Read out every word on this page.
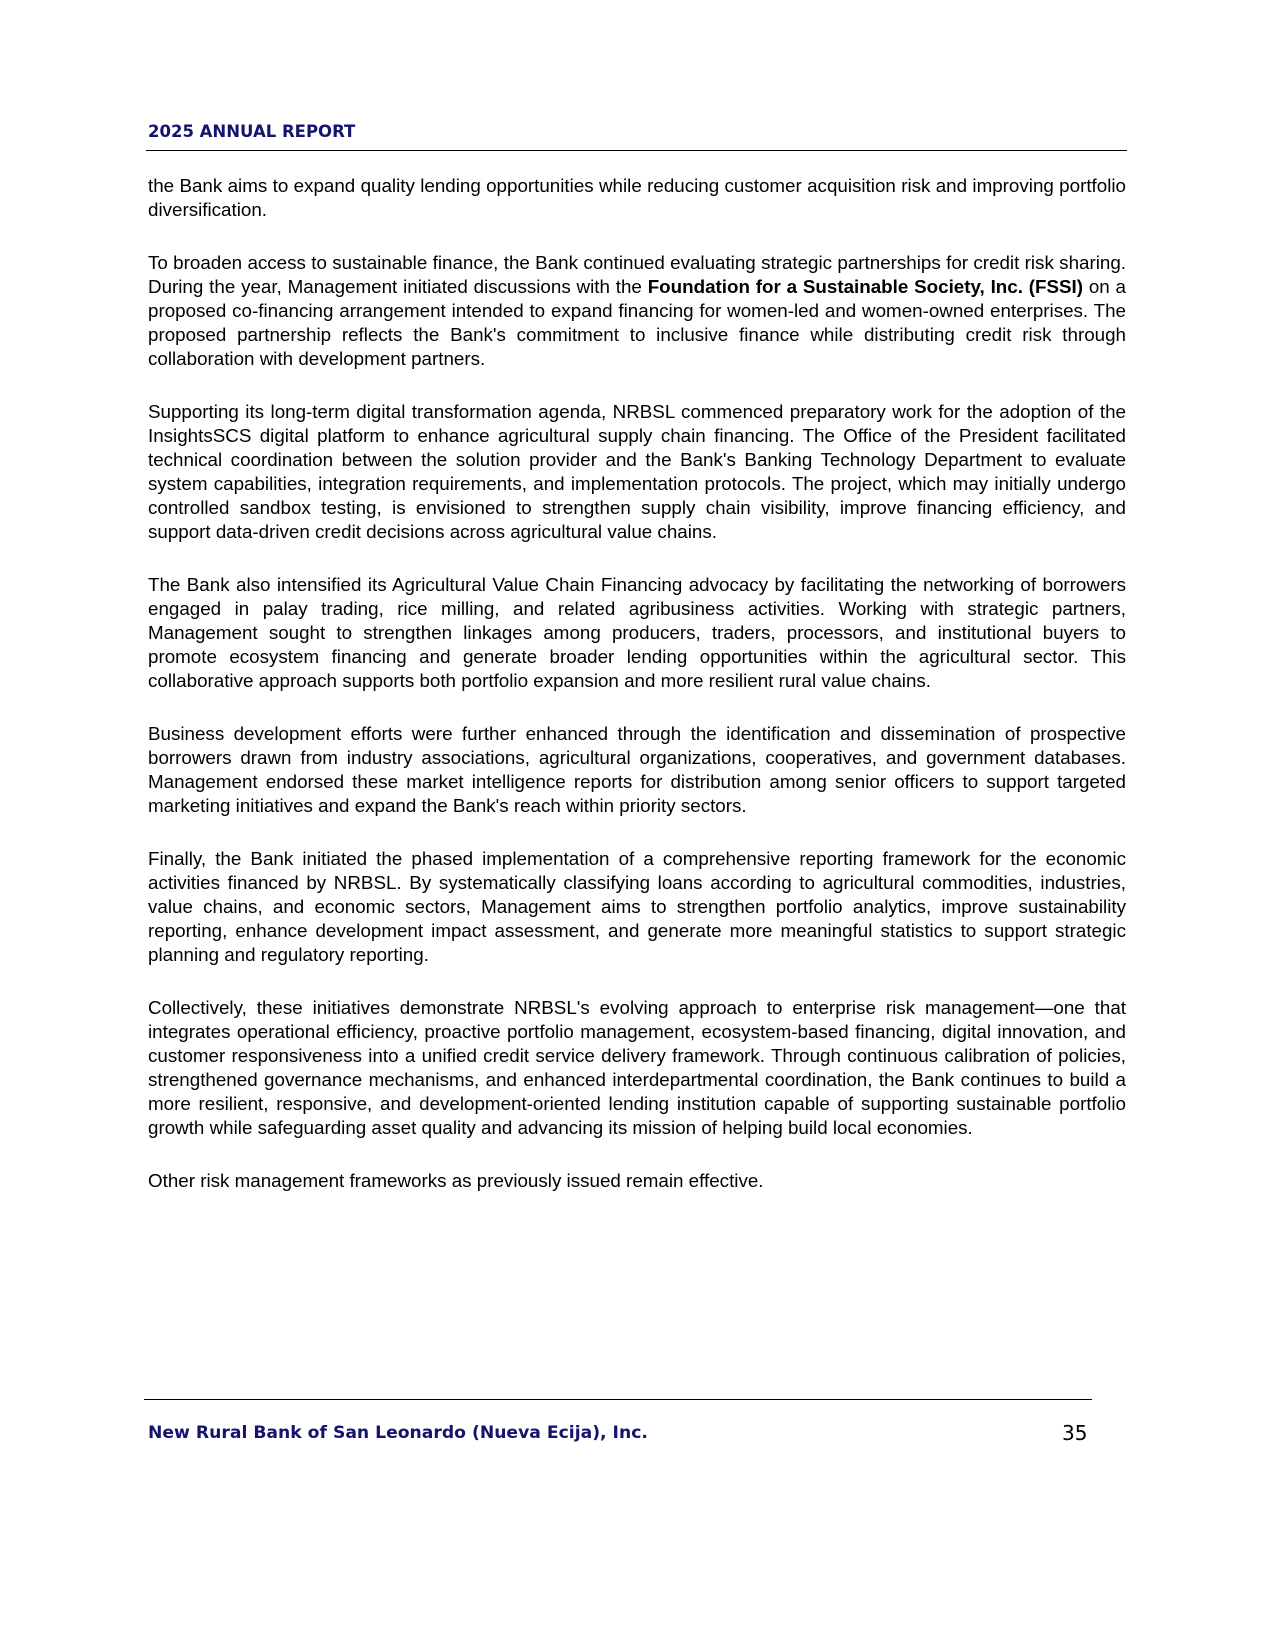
2025 ANNUAL REPORT

the Bank aims to expand quality lending opportunities while reducing customer acquisition risk and improving portfolio diversification.

To broaden access to sustainable finance, the Bank continued evaluating strategic partnerships for credit risk sharing. During the year, Management initiated discussions with the Foundation for a Sustainable Society, Inc. (FSSI) on a proposed co-financing arrangement intended to expand financing for women-led and women-owned enterprises. The proposed partnership reflects the Bank's commitment to inclusive finance while distributing credit risk through collaboration with development partners.

Supporting its long-term digital transformation agenda, NRBSL commenced preparatory work for the adoption of the InsightsSCS digital platform to enhance agricultural supply chain financing. The Office of the President facilitated technical coordination between the solution provider and the Bank's Banking Technology Department to evaluate system capabilities, integration requirements, and implementation protocols. The project, which may initially undergo controlled sandbox testing, is envisioned to strengthen supply chain visibility, improve financing efficiency, and support data-driven credit decisions across agricultural value chains.

The Bank also intensified its Agricultural Value Chain Financing advocacy by facilitating the networking of borrowers engaged in palay trading, rice milling, and related agribusiness activities. Working with strategic partners, Management sought to strengthen linkages among producers, traders, processors, and institutional buyers to promote ecosystem financing and generate broader lending opportunities within the agricultural sector. This collaborative approach supports both portfolio expansion and more resilient rural value chains.

Business development efforts were further enhanced through the identification and dissemination of prospective borrowers drawn from industry associations, agricultural organizations, cooperatives, and government databases. Management endorsed these market intelligence reports for distribution among senior officers to support targeted marketing initiatives and expand the Bank's reach within priority sectors.

Finally, the Bank initiated the phased implementation of a comprehensive reporting framework for the economic activities financed by NRBSL. By systematically classifying loans according to agricultural commodities, industries, value chains, and economic sectors, Management aims to strengthen portfolio analytics, improve sustainability reporting, enhance development impact assessment, and generate more meaningful statistics to support strategic planning and regulatory reporting.

Collectively, these initiatives demonstrate NRBSL's evolving approach to enterprise risk management—one that integrates operational efficiency, proactive portfolio management, ecosystem-based financing, digital innovation, and customer responsiveness into a unified credit service delivery framework. Through continuous calibration of policies, strengthened governance mechanisms, and enhanced interdepartmental coordination, the Bank continues to build a more resilient, responsive, and development-oriented lending institution capable of supporting sustainable portfolio growth while safeguarding asset quality and advancing its mission of helping build local economies.

Other risk management frameworks as previously issued remain effective.

New Rural Bank of San Leonardo (Nueva Ecija), Inc.	35
